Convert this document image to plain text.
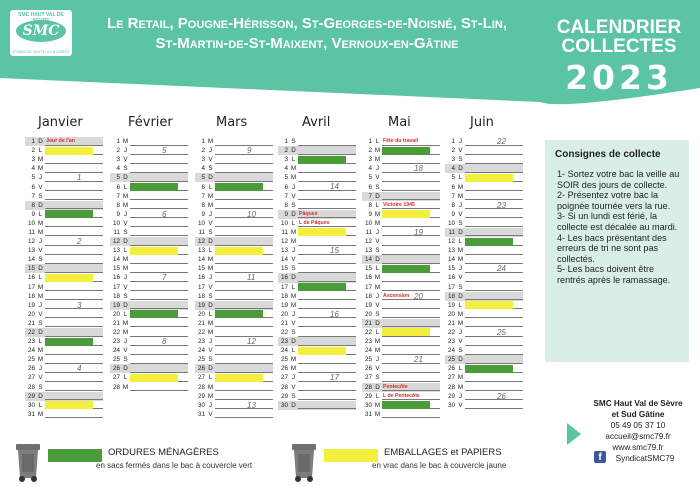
SMC HAUT VAL DE
SMC
SYNDICAT MIXTE À LA CARTE
Le Retail, Pougne-Hérisson, St-Georges-de-Noisné, St-Lin,
St-Martin-de-St-Maixent, Vernoux-en-Gâtine
CALENDRIER
COLLECTES
2023
Janvier	Février	Mars	Avril	Mai	Juin
1 D Jour de l'an
2 L
3 M
4 M
5 J	1
6 V
7 S
8 D
9 L
10 M
11 M
12 J	2
13 V
14 S
15 D
16 L
17 M
18 M
19 J	3
20 V
21 S
22 D
23 L
24 M
25 M
26 J	4
27 V
28 S
29 D
30 L
31 M
1 M
2 J	5
3 V
4 S
5 D
6 L
7 M
8 M
9 J	6
10 V
11 S
12 D
13 L
14 M
15 M
16 J	7
17 V
18 S
19 D
20 L
21 M
22 M
23 J	8
24 V
25 S
26 D
27 L
28 M
1 M
2 J	9
3 V
4 S
5 D
6 L
7 M
8 M
9 J	10
10 V
11 S
12 D
13 L
14 M
15 M
16 J	11
17 V
18 S
19 D
20 L
21 M
22 M
23 J	12
24 V
25 S
26 D
27 L
28 M
29 M
30 J	13
31 V
1 S
2 D
3 L
4 M
5 M
6 J	14
7 V
8 S
9 D Pâques
10 L L de Pâques
11 M
12 M
13 J	15
14 V
15 S
16 D
17 L
18 M
19 M
20 J	16
21 V
22 S
23 D
24 L
25 M
26 M
27 J	17
28 V
29 S
30 D
1 L Fête du travail
2 M
3 M
4 J	18
5 V
6 S
7 D
8 L Victoire 1945
9 M
10 M
11 J	19
12 V
13 S
14 D
15 L
16 M
17 M
18 J Ascension 20
19 V
20 S
21 D
22 L
23 M
24 M
25 J	21
26 V
27 S
28 D Pentecôte
29 L L de Pentecôte
30 M
31 M
1 J	22
2 V
3 S
4 D
5 L
6 M
7 M
8 J	23
9 V
10 S
11 D
12 L
13 M
14 M
15 J	24
16 V
17 S
18 D
19 L
20 M
21 M
22 J	25
23 V
24 S
25 D
26 L
27 M
28 M
29 J	26
30 V
Consignes de collecte
1- Sortez votre bac la veille au SOIR des jours de collecte.
2- Présentez votre bac la poignée tournée vers la rue.
3- Si un lundi est férié, la collecte est décalée au mardi.
4- Les bacs présentant des erreurs de tri ne sont pas collectés.
5- Les bacs doivent être rentrés après le ramassage.
SMC Haut Val de Sèvre
et Sud Gâtine
05 49 05 37 10
accueil@smc79.fr
www.smc79.fr
SyndicatSMC79
f
ORDURES MÉNAGÈRES
en sacs fermés dans le bac à couvercle vert
EMBALLAGES et PAPIERS
en vrac dans le bac à couvercle jaune
